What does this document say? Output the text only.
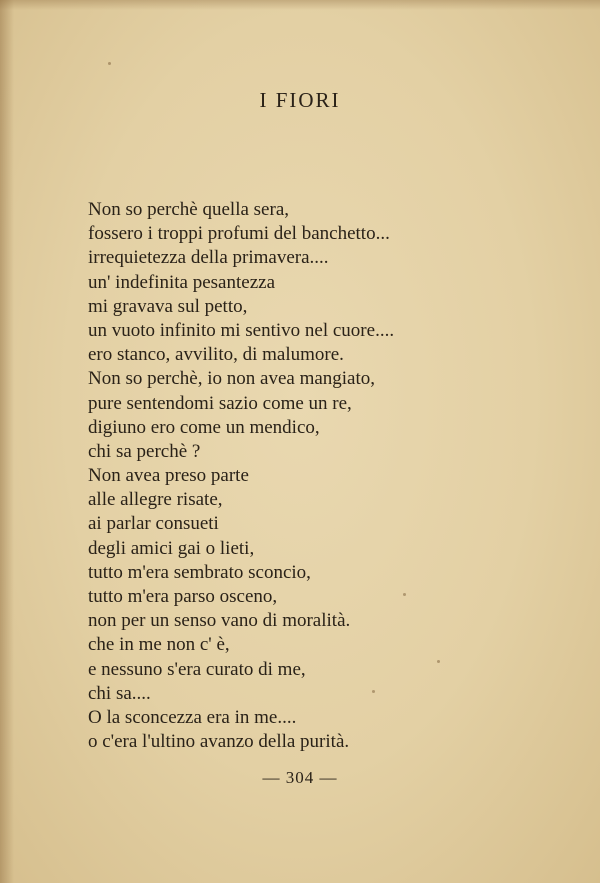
I FIORI
Non so perchè quella sera,
fossero i troppi profumi del banchetto...
irrequietezza della primavera....
un' indefinita pesantezza
mi gravava sul petto,
un vuoto infinito mi sentivo nel cuore....
ero stanco, avvilito, di malumore.
Non so perchè, io non avea mangiato,
pure sentendomi sazio come un re,
digiuno ero come un mendico,
chi sa perchè ?
Non avea preso parte
alle allegre risate,
ai parlar consueti
degli amici gai o lieti,
tutto m'era sembrato sconcio,
tutto m'era parso osceno,
non per un senso vano di moralità.
che in me non c' è,
e nessuno s'era curato di me,
chi sa....
O la sconcezza era in me....
o c'era l'ultino avanzo della purità.
— 304 —
